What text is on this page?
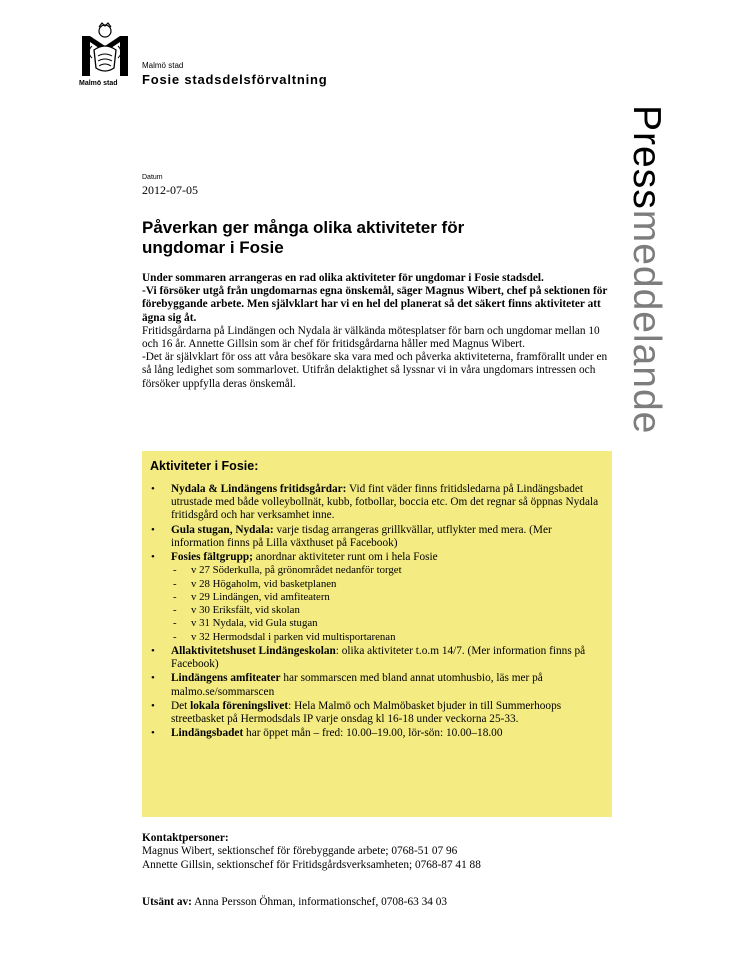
Malmö stad
Malmö stad
Fosie stadsdelsförvaltning
Pressmeddelande
Datum
2012-07-05
Påverkan ger många olika aktiviteter för ungdomar i Fosie

Under sommaren arrangeras en rad olika aktiviteter för ungdomar i Fosie stadsdel.

-Vi försöker utgå från ungdomarnas egna önskemål, säger Magnus Wibert, chef på sektionen för förebyggande arbete. Men självklart har vi en hel del planerat så det säkert finns aktiviteter att ägna sig åt.

Fritidsgårdarna på Lindängen och Nydala är välkända mötesplatser för barn och ungdomar mellan 10 och 16 år. Annette Gillsin som är chef för fritidsgårdarna håller med Magnus Wibert.

-Det är självklart för oss att våra besökare ska vara med och påverka aktiviteterna, framförallt under en så lång ledighet som sommarlovet. Utifrån delaktighet så lyssnar vi in våra ungdomars intressen och försöker uppfylla deras önskemål.

Aktiviteter i Fosie:
• Nydala & Lindängens fritidsgårdar: Vid fint väder finns fritidsledarna på Lindängsbadet utrustade med både volleybollnät, kubb, fotbollar, boccia etc. Om det regnar så öppnas Nydala fritidsgård och har verksamhet inne.
• Gula stugan, Nydala: varje tisdag arrangeras grillkvällar, utflykter med mera. (Mer information finns på Lilla växthuset på Facebook)
• Fosies fältgrupp; anordnar aktiviteter runt om i hela Fosie
- v 27 Söderkulla, på grönområdet nedanför torget
- v 28 Högaholm, vid basketplanen
- v 29 Lindängen, vid amfiteatern
- v 30 Eriksfält, vid skolan
- v 31 Nydala, vid Gula stugan
- v 32 Hermodsdal i parken vid multisportarenan
• Allaktivitetshuset Lindängeskolan: olika aktiviteter t.o.m 14/7. (Mer information finns på Facebook)
• Lindängens amfiteater har sommarscen med bland annat utomhusbio, läs mer på malmo.se/sommarscen
• Det lokala föreningslivet: Hela Malmö och Malmöbasket bjuder in till Summerhoops streetbasket på Hermodsdals IP varje onsdag kl 16-18 under veckorna 25-33.
• Lindängsbadet har öppet mån – fred: 10.00–19.00, lör-sön: 10.00–18.00

Kontaktpersoner:

Magnus Wibert, sektionschef för förebyggande arbete; 0768-51 07 96

Annette Gillsin, sektionschef för Fritidsgårdsverksamheten; 0768-87 41 88

Utsänt av: Anna Persson Öhman, informationschef, 0708-63 34 03
